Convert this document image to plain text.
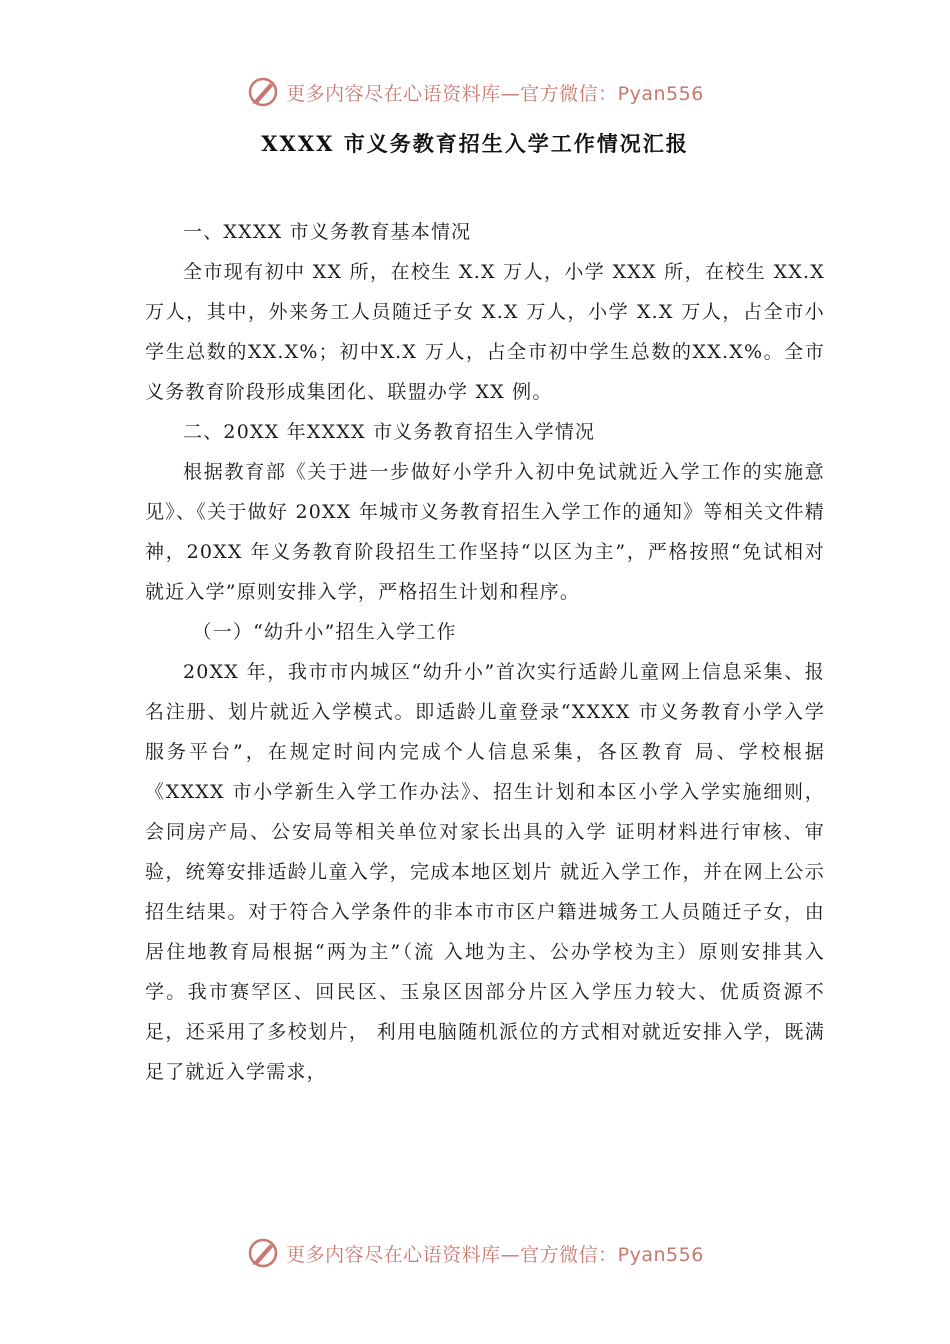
更多内容尽在心语资料库—官方微信：Pyan556
XXXX 市义务教育招生入学工作情况汇报

一、XXXX 市义务教育基本情况

全市现有初中 XX 所，在校生 X.X 万人，小学 XXX 所，在校生 XX.X 万人，其中，外来务工人员随迁子女 X.X 万人，小学 X.X 万人，占全市小学生总数的XX.X%；初中X.X 万人，占全市初中学生总数的XX.X%。全市义务教育阶段形成集团化、联盟办学 XX 例。

二、20XX 年XXXX 市义务教育招生入学情况

根据教育部《关于进一步做好小学升入初中免试就近入学工作的实施意见》、《关于做好 20XX 年城市义务教育招生入学工作的通知》等相关文件精神，20XX 年义务教育阶段招生工作坚持“以区为主”，严格按照“免试相对就近入学”原则安排入学，严格招生计划和程序。

（一）“幼升小”招生入学工作

20XX 年，我市市内城区“幼升小”首次实行适龄儿童网上信息采集、报名注册、划片就近入学模式。即适龄儿童登录“XXXX 市义务教育小学入学服务平台”，在规定时间内完成个人信息采集，各区教育 局、学校根据《XXXX 市小学新生入学工作办法》、招生计划和本区小学入学实施细则，会同房产局、公安局等相关单位对家长出具的入学 证明材料进行审核、审验，统筹安排适龄儿童入学，完成本地区划片 就近入学工作，并在网上公示招生结果。对于符合入学条件的非本市市区户籍进城务工人员随迁子女，由居住地教育局根据“两为主”（流 入地为主、公办学校为主）原则安排其入学。我市赛罕区、回民区、玉泉区因部分片区入学压力较大、优质资源不足，还采用了多校划片， 利用电脑随机派位的方式相对就近安排入学，既满足了就近入学需求，

更多内容尽在心语资料库—官方微信：Pyan556
